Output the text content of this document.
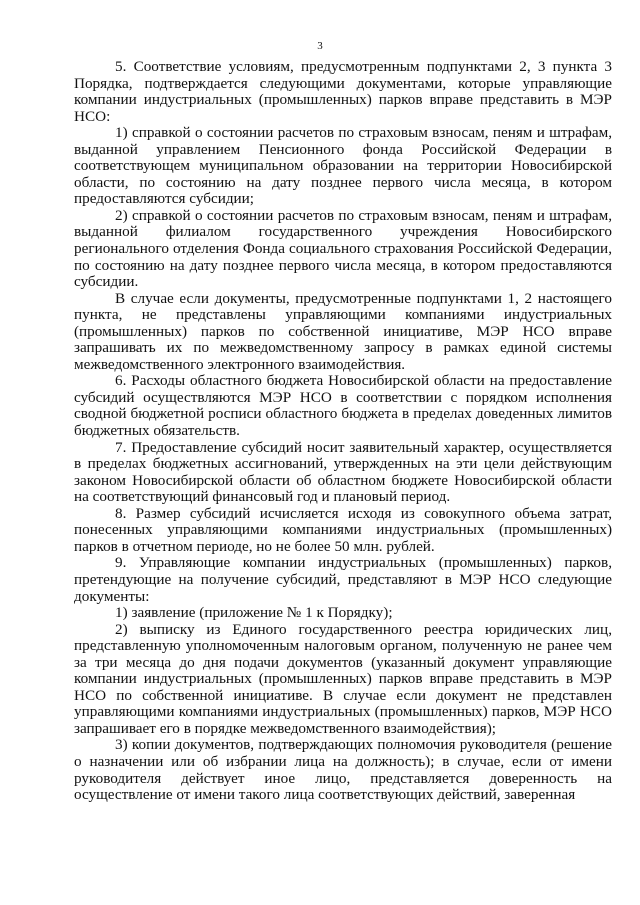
3

5. Соответствие условиям, предусмотренным подпунктами 2, 3 пункта 3 Порядка, подтверждается следующими документами, которые управляющие компании индустриальных (промышленных) парков вправе представить в МЭР НСО:

1) справкой о состоянии расчетов по страховым взносам, пеням и штрафам, выданной управлением Пенсионного фонда Российской Федерации в соответствующем муниципальном образовании на территории Новосибирской области, по состоянию на дату позднее первого числа месяца, в котором предоставляются субсидии;

2) справкой о состоянии расчетов по страховым взносам, пеням и штрафам, выданной филиалом государственного учреждения Новосибирского регионального отделения Фонда социального страхования Российской Федерации, по состоянию на дату позднее первого числа месяца, в котором предоставляются субсидии.

В случае если документы, предусмотренные подпунктами 1, 2 настоящего пункта, не представлены управляющими компаниями индустриальных (промышленных) парков по собственной инициативе, МЭР НСО вправе запрашивать их по межведомственному запросу в рамках единой системы межведомственного электронного взаимодействия.

6. Расходы областного бюджета Новосибирской области на предоставление субсидий осуществляются МЭР НСО в соответствии с порядком исполнения сводной бюджетной росписи областного бюджета в пределах доведенных лимитов бюджетных обязательств.

7. Предоставление субсидий носит заявительный характер, осуществляется в пределах бюджетных ассигнований, утвержденных на эти цели действующим законом Новосибирской области об областном бюджете Новосибирской области на соответствующий финансовый год и плановый период.

8. Размер субсидий исчисляется исходя из совокупного объема затрат, понесенных управляющими компаниями индустриальных (промышленных) парков в отчетном периоде, но не более 50 млн. рублей.

9. Управляющие компании индустриальных (промышленных) парков, претендующие на получение субсидий, представляют в МЭР НСО следующие документы:

1) заявление (приложение № 1 к Порядку);

2) выписку из Единого государственного реестра юридических лиц, представленную уполномоченным налоговым органом, полученную не ранее чем за три месяца до дня подачи документов (указанный документ управляющие компании индустриальных (промышленных) парков вправе представить в МЭР НСО по собственной инициативе. В случае если документ не представлен управляющими компаниями индустриальных (промышленных) парков, МЭР НСО запрашивает его в порядке межведомственного взаимодействия);

3) копии документов, подтверждающих полномочия руководителя (решение о назначении или об избрании лица на должность); в случае, если от имени руководителя действует иное лицо, представляется доверенность на осуществление от имени такого лица соответствующих действий, заверенная
